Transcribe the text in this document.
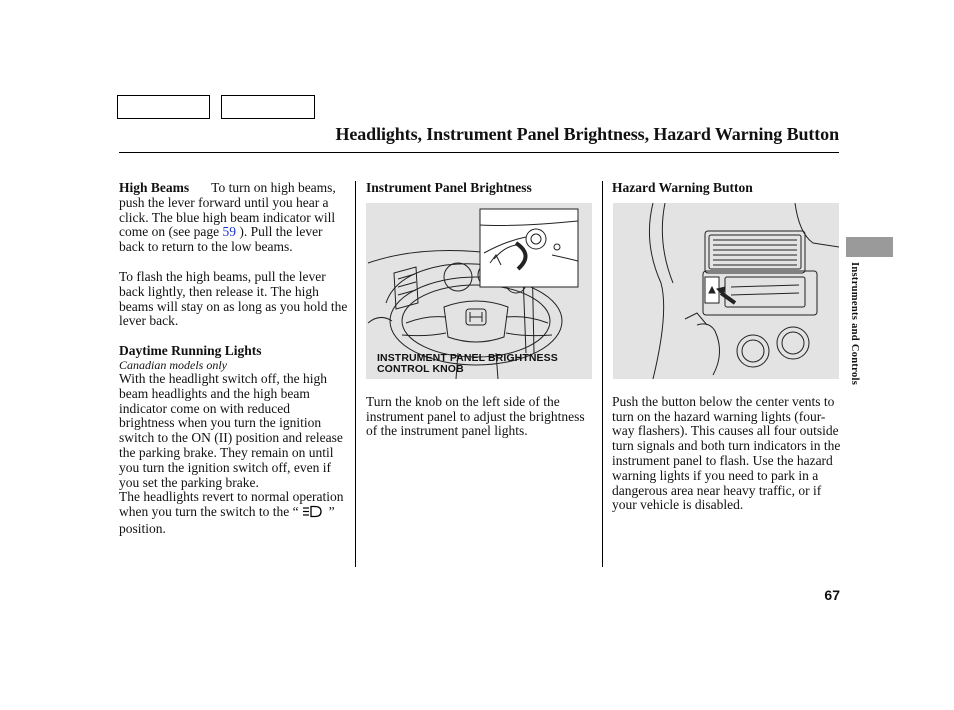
Headlights, Instrument Panel Brightness, Hazard Warning Button

High Beams To turn on high beams, push the lever forward until you hear a click. The blue high beam indicator will come on (see page 59 ). Pull the lever back to return to the low beams.

To flash the high beams, pull the lever back lightly, then release it. The high beams will stay on as long as you hold the lever back.

Daytime Running Lights

Canadian models only

With the headlight switch off, the high beam headlights and the high beam indicator come on with reduced brightness when you turn the ignition switch to the ON (II) position and release the parking brake. They remain on until you turn the ignition switch off, even if you set the parking brake.

The headlights revert to normal operation when you turn the switch to the “ ” position.

Instrument Panel Brightness

Turn the knob on the left side of the instrument panel to adjust the brightness of the instrument panel lights.

INSTRUMENT PANEL BRIGHTNESS
CONTROL KNOB

Hazard Warning Button

Push the button below the center vents to turn on the hazard warning lights (four-way flashers). This causes all four outside turn signals and both turn indicators in the instrument panel to flash. Use the hazard warning lights if you need to park in a dangerous area near heavy traffic, or if your vehicle is disabled.

Instruments and Controls
67
